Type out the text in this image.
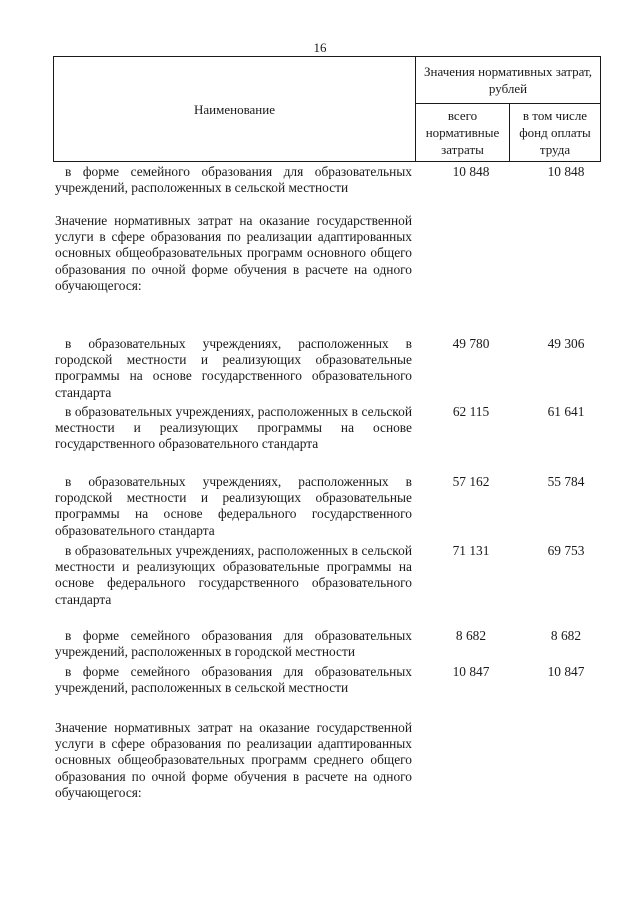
16
Наименование	Значения нормативных затрат, рублей	
	всего нормативные затраты	в том числе фонд оплаты труда
в форме семейного образования для образовательных учреждений, расположенных в сельской местности
10 848	10 848
Значение нормативных затрат на оказание государственной услуги в сфере образования по реализации адаптированных основных общеобразовательных программ основного общего образования по очной форме обучения в расчете на одного обучающегося:
в образовательных учреждениях, расположенных в городской местности и реализующих образовательные программы на основе государственного образовательного стандарта
49 780	49 306
в образовательных учреждениях, расположенных в сельской местности и реализующих программы на основе государственного образовательного стандарта
62 115	61 641
в образовательных учреждениях, расположенных в городской местности и реализующих образовательные программы на основе федерального государственного образовательного стандарта
57 162	55 784
в образовательных учреждениях, расположенных в сельской местности и реализующих образовательные программы на основе федерального государственного образовательного стандарта
71 131	69 753
в форме семейного образования для образовательных учреждений, расположенных в городской местности
8 682	8 682
в форме семейного образования для образовательных учреждений, расположенных в сельской местности
10 847	10 847
Значение нормативных затрат на оказание государственной услуги в сфере образования по реализации адаптированных основных общеобразовательных программ среднего общего образования по очной форме обучения в расчете на одного обучающегося:
